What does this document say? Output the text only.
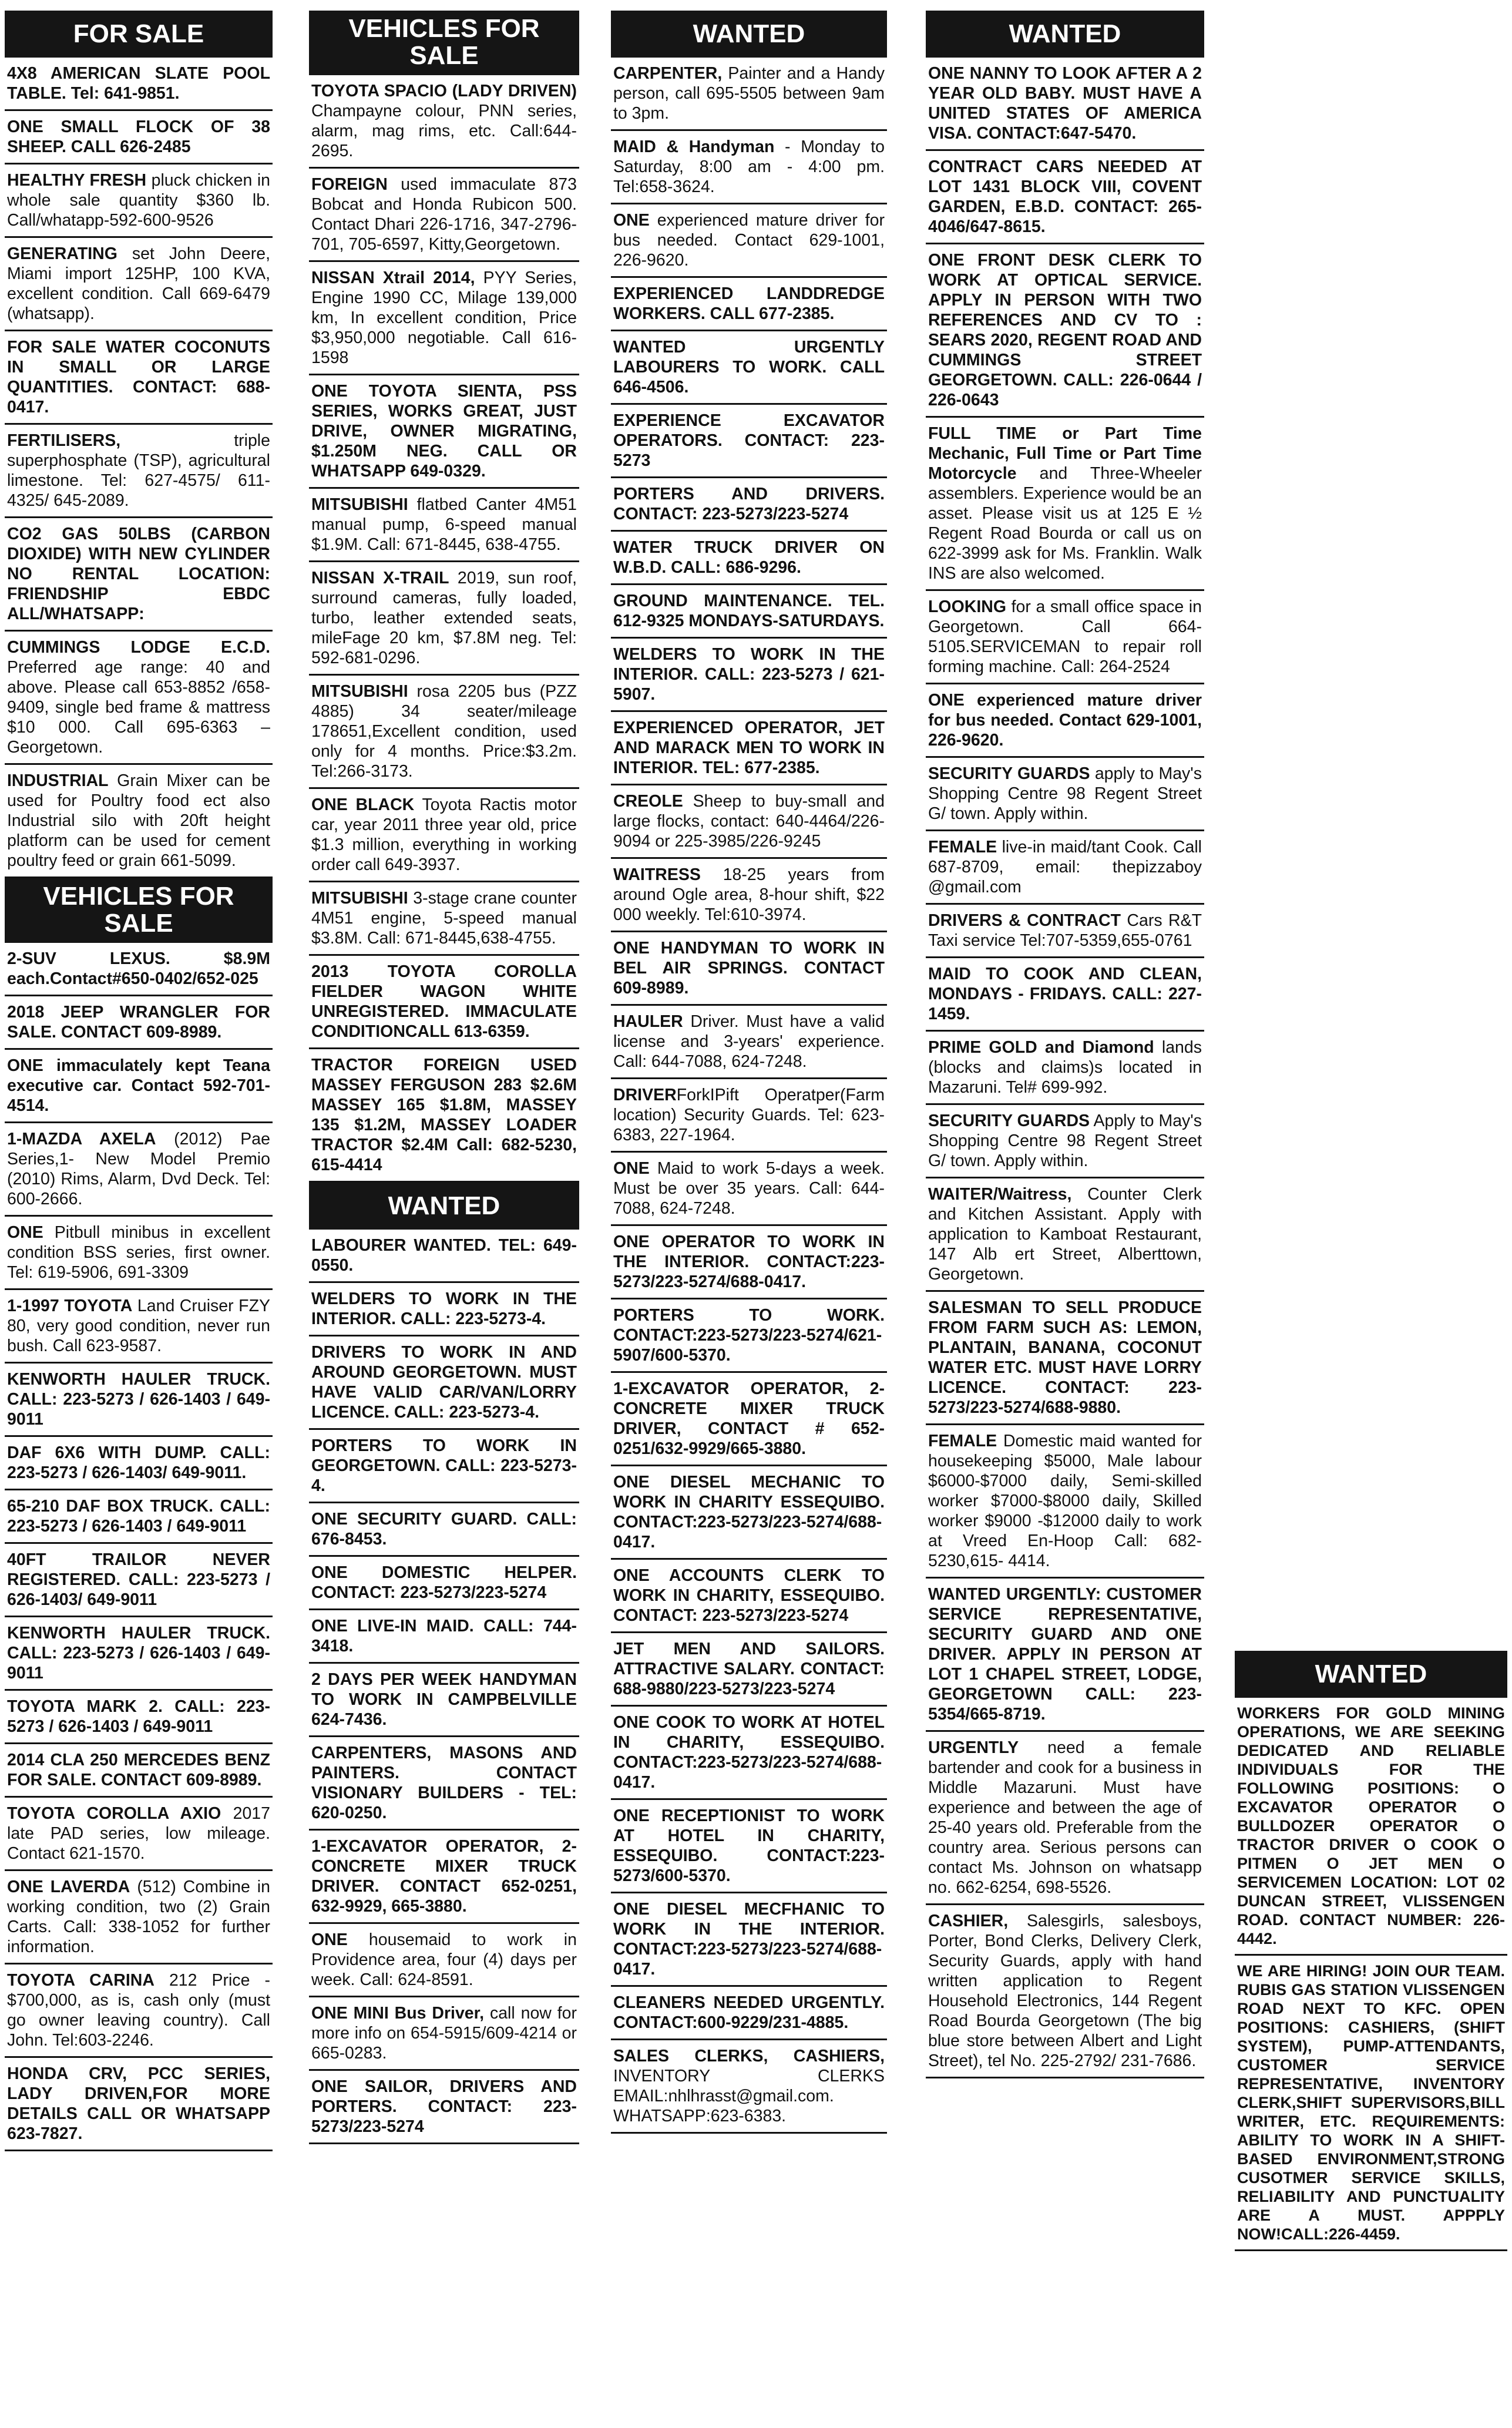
FOR SALE
4X8 AMERICAN SLATE POOL TABLE. Tel: 641-9851.
ONE SMALL FLOCK OF 38 SHEEP. CALL 626-2485
HEALTHY FRESH pluck chicken in whole sale quantity $360 lb. Call/whatapp-592-600-9526
GENERATING set John Deere, Miami import 125HP, 100 KVA, excellent condition. Call 669-6479 (whatsapp).
FOR SALE WATER COCONUTS IN SMALL OR LARGE QUANTITIES. CONTACT: 688-0417.
FERTILISERS, triple superphosphate (TSP), agricultural limestone. Tel: 627-4575/ 611-4325/ 645-2089.
CO2 GAS 50LBS (CARBON DIOXIDE) WITH NEW CYLINDER NO RENTAL LOCATION: FRIENDSHIP EBDC ALL/WHATSAPP:
CUMMINGS LODGE E.C.D. Preferred age range: 40 and above. Please call 653-8852 /658-9409, single bed frame & mattress $10 000. Call 695-6363 – Georgetown.
INDUSTRIAL Grain Mixer can be used for Poultry food ect also Industrial silo with 20ft height platform can be used for cement poultry feed or grain 661-5099.
VEHICLES FOR SALE
2-SUV LEXUS. $8.9M each.Contact#650-0402/652-025
2018 JEEP WRANGLER FOR SALE. CONTACT 609-8989.
ONE immaculately kept Teana executive car. Contact 592-701-4514.
1-MAZDA AXELA (2012) Pae Series,1- New Model Premio (2010) Rims, Alarm, Dvd Deck. Tel: 600-2666.
ONE Pitbull minibus in excellent condition BSS series, first owner. Tel: 619-5906, 691-3309
1-1997 TOYOTA Land Cruiser FZY 80, very good condition, never run bush. Call 623-9587.
KENWORTH HAULER TRUCK. CALL: 223-5273 / 626-1403 / 649-9011
DAF 6X6 WITH DUMP. CALL: 223-5273 / 626-1403/ 649-9011.
65-210 DAF BOX TRUCK. CALL: 223-5273 / 626-1403 / 649-9011
40FT TRAILOR NEVER REGISTERED. CALL: 223-5273 / 626-1403/ 649-9011
KENWORTH HAULER TRUCK. CALL: 223-5273 / 626-1403 / 649-9011
TOYOTA MARK 2. CALL: 223-5273 / 626-1403 / 649-9011
2014 CLA 250 MERCEDES BENZ FOR SALE. CONTACT 609-8989.
TOYOTA COROLLA AXIO 2017 late PAD series, low mileage. Contact 621-1570.
ONE LAVERDA (512) Combine in working condition, two (2) Grain Carts. Call: 338-1052 for further information.
TOYOTA CARINA 212 Price - $700,000, as is, cash only (must go owner leaving country). Call John. Tel:603-2246.
HONDA CRV, PCC SERIES, LADY DRIVEN,FOR MORE DETAILS CALL OR WHATSAPP 623-7827.
VEHICLES FOR SALE
TOYOTA SPACIO (LADY DRIVEN) Champayne colour, PNN series, alarm, mag rims, etc. Call:644-2695.
FOREIGN used immaculate 873 Bobcat and Honda Rubicon 500. Contact Dhari 226-1716, 347-2796-701, 705-6597, Kitty,Georgetown.
NISSAN Xtrail 2014, PYY Series, Engine 1990 CC, Milage 139,000 km, In excellent condition, Price $3,950,000 negotiable. Call 616-1598
ONE TOYOTA SIENTA, PSS SERIES, WORKS GREAT, JUST DRIVE, OWNER MIGRATING, $1.250M NEG. CALL OR WHATSAPP 649-0329.
MITSUBISHI flatbed Canter 4M51 manual pump, 6-speed manual $1.9M. Call: 671-8445, 638-4755.
NISSAN X-TRAIL 2019, sun roof, surround cameras, fully loaded, turbo, leather extended seats, mileFage 20 km, $7.8M neg. Tel: 592-681-0296.
MITSUBISHI rosa 2205 bus (PZZ 4885) 34 seater/mileage 178651,Excellent condition, used only for 4 months. Price:$3.2m. Tel:266-3173.
ONE BLACK Toyota Ractis motor car, year 2011 three year old, price $1.3 million, everything in working order call 649-3937.
MITSUBISHI 3-stage crane counter 4M51 engine, 5-speed manual $3.8M. Call: 671-8445,638-4755.
2013 TOYOTA COROLLA FIELDER WAGON WHITE UNREGISTERED. IMMACULATE CONDITIONCALL 613-6359.
TRACTOR FOREIGN USED MASSEY FERGUSON 283 $2.6M MASSEY 165 $1.8M, MASSEY 135 $1.2M, MASSEY LOADER TRACTOR $2.4M Call: 682-5230, 615-4414
WANTED
LABOURER WANTED. TEL: 649-0550.
WELDERS TO WORK IN THE INTERIOR. CALL: 223-5273-4.
DRIVERS TO WORK IN AND AROUND GEORGETOWN. MUST HAVE VALID CAR/VAN/LORRY LICENCE. CALL: 223-5273-4.
PORTERS TO WORK IN GEORGETOWN. CALL: 223-5273-4.
ONE SECURITY GUARD. CALL: 676-8453.
ONE DOMESTIC HELPER. CONTACT: 223-5273/223-5274
ONE LIVE-IN MAID. CALL: 744-3418.
2 DAYS PER WEEK HANDYMAN TO WORK IN CAMPBELVILLE 624-7436.
CARPENTERS, MASONS AND PAINTERS. CONTACT VISIONARY BUILDERS - TEL: 620-0250.
1-EXCAVATOR OPERATOR, 2-CONCRETE MIXER TRUCK DRIVER. CONTACT 652-0251, 632-9929, 665-3880.
ONE housemaid to work in Providence area, four (4) days per week. Call: 624-8591.
ONE MINI Bus Driver, call now for more info on 654-5915/609-4214 or 665-0283.
ONE SAILOR, DRIVERS AND PORTERS. CONTACT: 223-5273/223-5274
WANTED
CARPENTER, Painter and a Handy person, call 695-5505 between 9am to 3pm.
MAID & Handyman - Monday to Saturday, 8:00 am - 4:00 pm. Tel:658-3624.
ONE experienced mature driver for bus needed. Contact 629-1001, 226-9620.
EXPERIENCED LANDDREDGE WORKERS. CALL 677-2385.
WANTED URGENTLY LABOURERS TO WORK. CALL 646-4506.
EXPERIENCE EXCAVATOR OPERATORS. CONTACT: 223-5273
PORTERS AND DRIVERS. CONTACT: 223-5273/223-5274
WATER TRUCK DRIVER ON W.B.D. CALL: 686-9296.
GROUND MAINTENANCE. TEL. 612-9325 MONDAYS-SATURDAYS.
WELDERS TO WORK IN THE INTERIOR. CALL: 223-5273 / 621-5907.
EXPERIENCED OPERATOR, JET AND MARACK MEN TO WORK IN INTERIOR. TEL: 677-2385.
CREOLE Sheep to buy-small and large flocks, contact: 640-4464/226-9094 or 225-3985/226-9245
WAITRESS 18-25 years from around Ogle area, 8-hour shift, $22 000 weekly. Tel:610-3974.
ONE HANDYMAN TO WORK IN BEL AIR SPRINGS. CONTACT 609-8989.
HAULER Driver. Must have a valid license and 3-years' experience. Call: 644-7088, 624-7248.
DRIVERForkIPift Operatper(Farm location) Security Guards. Tel: 623-6383, 227-1964.
ONE Maid to work 5-days a week. Must be over 35 years. Call: 644-7088, 624-7248.
ONE OPERATOR TO WORK IN THE INTERIOR. CONTACT:223-5273/223-5274/688-0417.
PORTERS TO WORK. CONTACT:223-5273/223-5274/621-5907/600-5370.
1-EXCAVATOR OPERATOR, 2- CONCRETE MIXER TRUCK DRIVER, CONTACT # 652-0251/632-9929/665-3880.
ONE DIESEL MECHANIC TO WORK IN CHARITY ESSEQUIBO. CONTACT:223-5273/223-5274/688-0417.
ONE ACCOUNTS CLERK TO WORK IN CHARITY, ESSEQUIBO. CONTACT: 223-5273/223-5274
JET MEN AND SAILORS. ATTRACTIVE SALARY. CONTACT: 688-9880/223-5273/223-5274
ONE COOK TO WORK AT HOTEL IN CHARITY, ESSEQUIBO. CONTACT:223-5273/223-5274/688-0417.
ONE RECEPTIONIST TO WORK AT HOTEL IN CHARITY, ESSEQUIBO. CONTACT:223-5273/600-5370.
ONE DIESEL MECFHANIC TO WORK IN THE INTERIOR. CONTACT:223-5273/223-5274/688-0417.
CLEANERS NEEDED URGENTLY. CONTACT:600-9229/231-4885.
SALES CLERKS, CASHIERS, INVENTORY CLERKS EMAIL:nhlhrasst@gmail.com. WHATSAPP:623-6383.
WANTED
ONE NANNY TO LOOK AFTER A 2 YEAR OLD BABY. MUST HAVE A UNITED STATES OF AMERICA VISA. CONTACT:647-5470.
CONTRACT CARS NEEDED AT LOT 1431 BLOCK VIII, COVENT GARDEN, E.B.D. CONTACT: 265-4046/647-8615.
ONE FRONT DESK CLERK TO WORK AT OPTICAL SERVICE. APPLY IN PERSON WITH TWO REFERENCES AND CV TO : SEARS 2020, REGENT ROAD AND CUMMINGS STREET GEORGETOWN. CALL: 226-0644 / 226-0643
FULL TIME or Part Time Mechanic, Full Time or Part Time Motorcycle and Three-Wheeler assemblers. Experience would be an asset. Please visit us at 125 E ½ Regent Road Bourda or call us on 622-3999 ask for Ms. Franklin. Walk INS are also welcomed.
LOOKING for a small office space in Georgetown. Call 664-5105.SERVICEMAN to repair roll forming machine. Call: 264-2524
ONE experienced mature driver for bus needed. Contact 629-1001, 226-9620.
SECURITY GUARDS apply to May's Shopping Centre 98 Regent Street G/ town. Apply within.
FEMALE live-in maid/tant Cook. Call 687-8709, email: thepizzaboy @gmail.com
DRIVERS & CONTRACT Cars R&T Taxi service Tel:707-5359,655-0761
MAID TO COOK AND CLEAN, MONDAYS - FRIDAYS. CALL: 227-1459.
PRIME GOLD and Diamond lands (blocks and claims)s located in Mazaruni. Tel# 699-992.
SECURITY GUARDS Apply to May's Shopping Centre 98 Regent Street G/ town. Apply within.
WAITER/Waitress, Counter Clerk and Kitchen Assistant. Apply with application to Kamboat Restaurant, 147 Alb ert Street, Alberttown, Georgetown.
SALESMAN TO SELL PRODUCE FROM FARM SUCH AS: LEMON, PLANTAIN, BANANA, COCONUT WATER ETC. MUST HAVE LORRY LICENCE. CONTACT: 223-5273/223-5274/688-9880.
FEMALE Domestic maid wanted for housekeeping $5000, Male labour $6000-$7000 daily, Semi-skilled worker $7000-$8000 daily, Skilled worker $9000 -$12000 daily to work at Vreed En-Hoop Call: 682-5230,615- 4414.
WANTED URGENTLY: CUSTOMER SERVICE REPRESENTATIVE, SECURITY GUARD AND ONE DRIVER. APPLY IN PERSON AT LOT 1 CHAPEL STREET, LODGE, GEORGETOWN CALL: 223-5354/665-8719.
URGENTLY need a female bartender and cook for a business in Middle Mazaruni. Must have experience and between the age of 25-40 years old. Preferable from the country area. Serious persons can contact Ms. Johnson on whatsapp no. 662-6254, 698-5526.
CASHIER, Salesgirls, salesboys, Porter, Bond Clerks, Delivery Clerk, Security Guards, apply with hand written application to Regent Household Electronics, 144 Regent Road Bourda Georgetown (The big blue store between Albert and Light Street), tel No. 225-2792/ 231-7686.
WANTED
WORKERS FOR GOLD MINING OPERATIONS, WE ARE SEEKING DEDICATED AND RELIABLE INDIVIDUALS FOR THE FOLLOWING POSITIONS: O EXCAVATOR OPERATOR O BULLDOZER OPERATOR O TRACTOR DRIVER O COOK O PITMEN O JET MEN O SERVICEMEN LOCATION: LOT 02 DUNCAN STREET, VLISSENGEN ROAD. CONTACT NUMBER: 226-4442.
WE ARE HIRING! JOIN OUR TEAM. RUBIS GAS STATION VLISSENGEN ROAD NEXT TO KFC. OPEN POSITIONS: CASHIERS, (SHIFT SYSTEM), PUMP-ATTENDANTS, CUSTOMER SERVICE REPRESENTATIVE, INVENTORY CLERK,SHIFT SUPERVISORS,BILL WRITER, ETC. REQUIREMENTS: ABILITY TO WORK IN A SHIFT-BASED ENVIRONMENT,STRONG CUSOTMER SERVICE SKILLS, RELIABILITY AND PUNCTUALITY ARE A MUST. APPPLY NOW!CALL:226-4459.
